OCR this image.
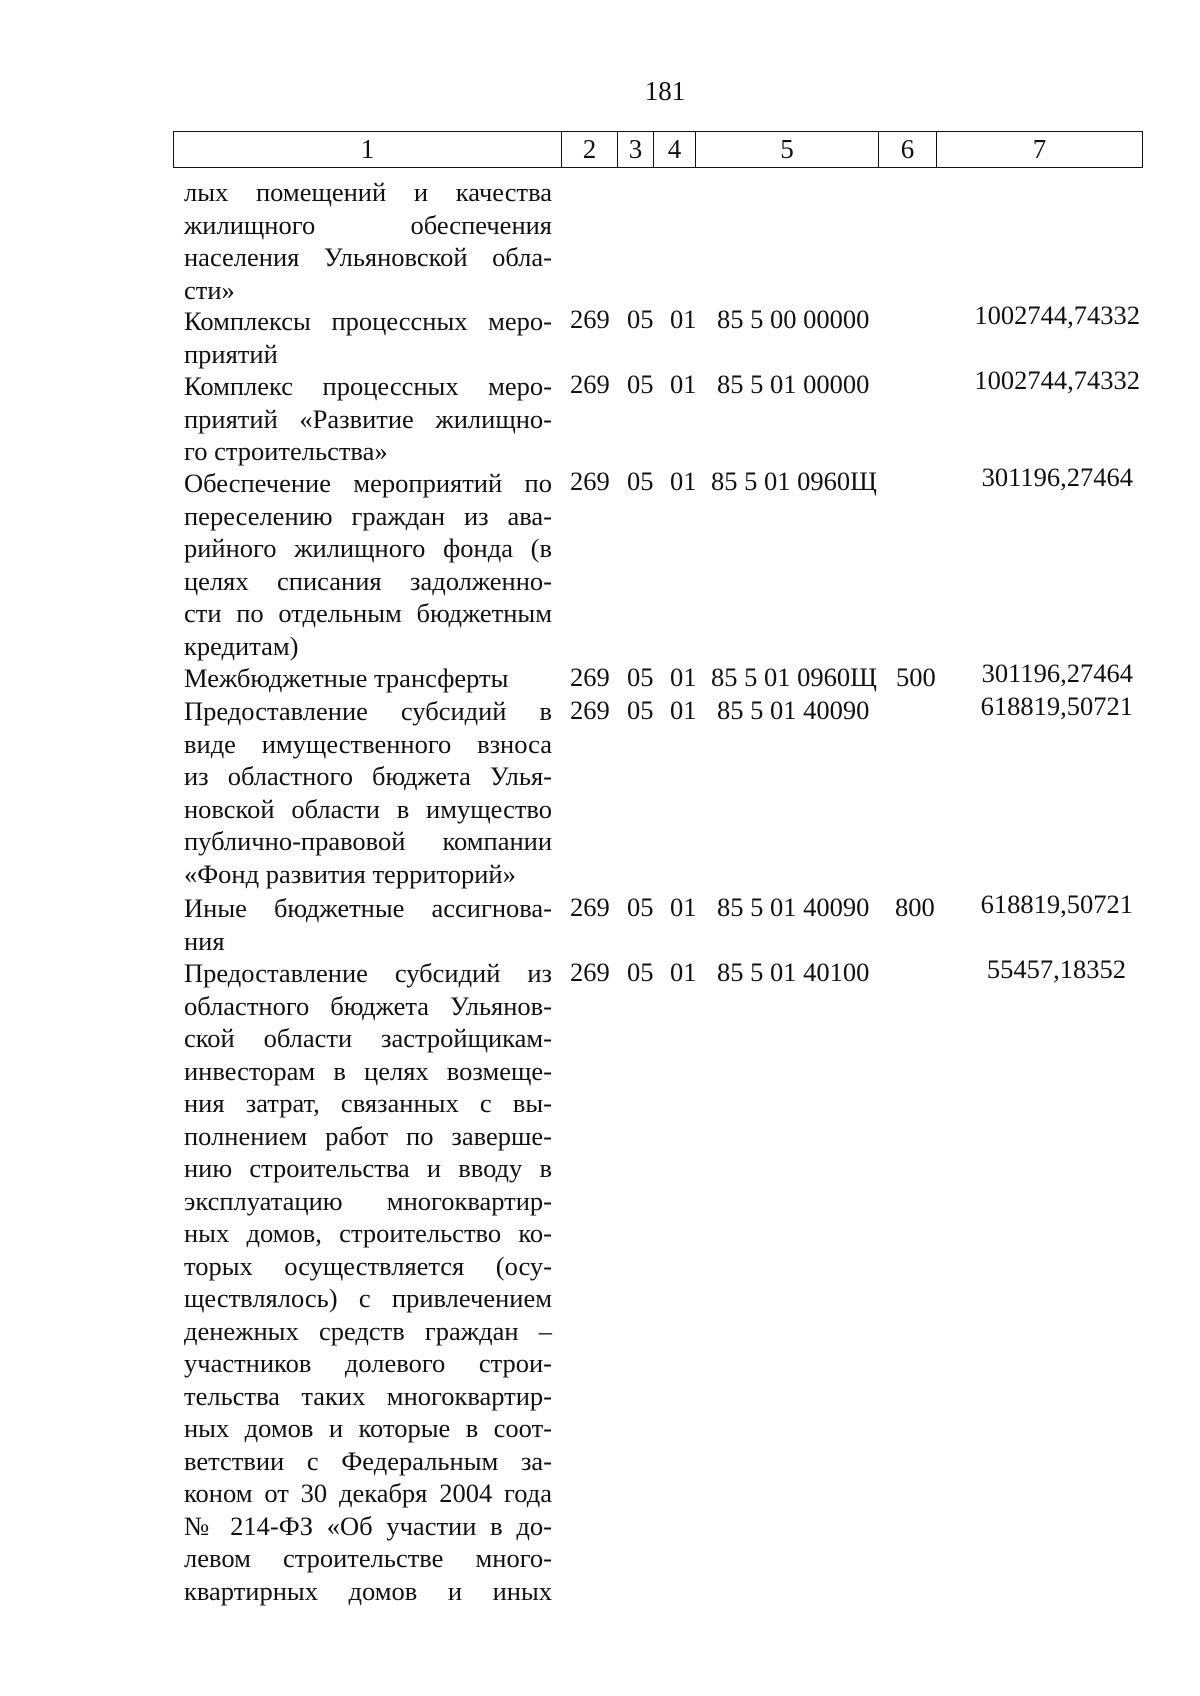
181
1	2	3 4	5	6	7
лых помещений и качества
жилищного обеспечения
населения Ульяновской обла-
сти»
Комплексы процессных меро-
приятий
269 05 01 85 5 00 00000	1002744,74332
Комплекс процессных меро-
приятий «Развитие жилищно-
го строительства»
269 05 01 85 5 01 00000	1002744,74332
Обеспечение мероприятий по
переселению граждан из ава-
рийного жилищного фонда (в
целях списания задолженно-
сти по отдельным бюджетным
кредитам)
269 05 01 85 5 01 0960Щ	301196,27464
Межбюджетные трансферты	269 05 01 85 5 01 0960Щ 500 301196,27464
Предоставление субсидий в
виде имущественного взноса
из областного бюджета Улья-
новской области в имущество
публично-правовой компании
«Фонд развития территорий»
269 05 01 85 5 01 40090	618819,50721
Иные бюджетные ассигнова-
ния
269 05 01 85 5 01 40090 800 618819,50721
Предоставление субсидий из
областного бюджета Ульянов-
ской области застройщикам-
инвесторам в целях возмеще-
ния затрат, связанных с вы-
полнением работ по заверше-
нию строительства и вводу в
эксплуатацию многоквартир-
ных домов, строительство ко-
торых осуществляется (осу-
ществлялось) с привлечением
денежных средств граждан –
участников долевого строи-
тельства таких многоквартир-
ных домов и которые в соот-
ветствии с Федеральным за-
коном от 30 декабря 2004 года
№ 214-ФЗ «Об участии в до-
левом строительстве много-
квартирных домов и иных
269 05 01 85 5 01 40100	55457,18352
